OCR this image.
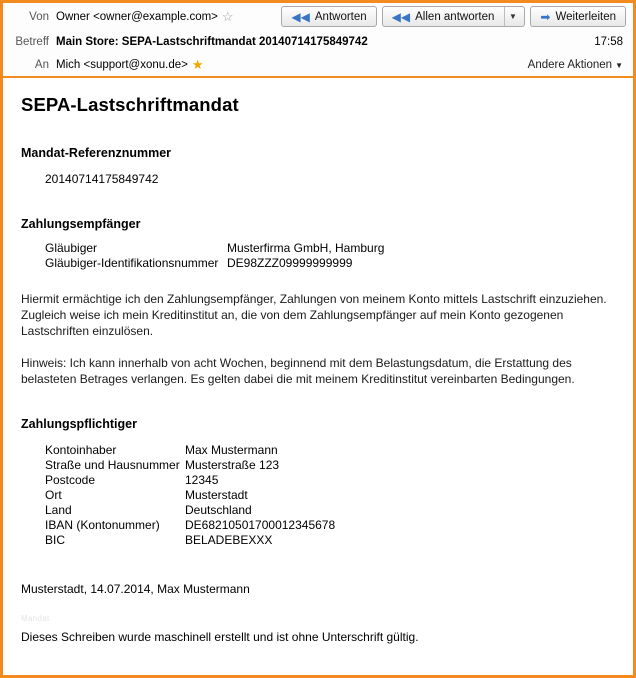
Von Owner <owner@example.com> ☆	◀◀ Antworten ◀◀ Allen antworten	▼ ➡ Weiterleiten
Betreff Main Store: SEPA-Lastschriftmandat 20140714175849742	17:58
An Mich <support@xonu.de> ★	Andere Aktionen ▼
SEPA-Lastschriftmandat
Mandat-Referenznummer
20140714175849742
Zahlungsempfänger
Gläubiger	Musterfirma GmbH, Hamburg
Gläubiger-Identifikationsnummer DE98ZZZ09999999999
Hiermit ermächtige ich den Zahlungsempfänger, Zahlungen von meinem Konto mittels Lastschrift einzuziehen. Zugleich weise ich mein Kreditinstitut an, die von dem Zahlungsempfänger auf mein Konto gezogenen Lastschriften einzulösen.
Hinweis: Ich kann innerhalb von acht Wochen, beginnend mit dem Belastungsdatum, die Erstattung des belasteten Betrages verlangen. Es gelten dabei die mit meinem Kreditinstitut vereinbarten Bedingungen.
Zahlungspflichtiger
Kontoinhaber	Max Mustermann
Straße und Hausnummer Musterstraße 123
Postcode	12345
Ort	Musterstadt
Land	Deutschland
IBAN (Kontonummer)	DE68210501700012345678
BIC	BELADEBEXXX
Musterstadt, 14.07.2014, Max Mustermann
Dieses Schreiben wurde maschinell erstellt und ist ohne Unterschrift gültig.
Mandat
